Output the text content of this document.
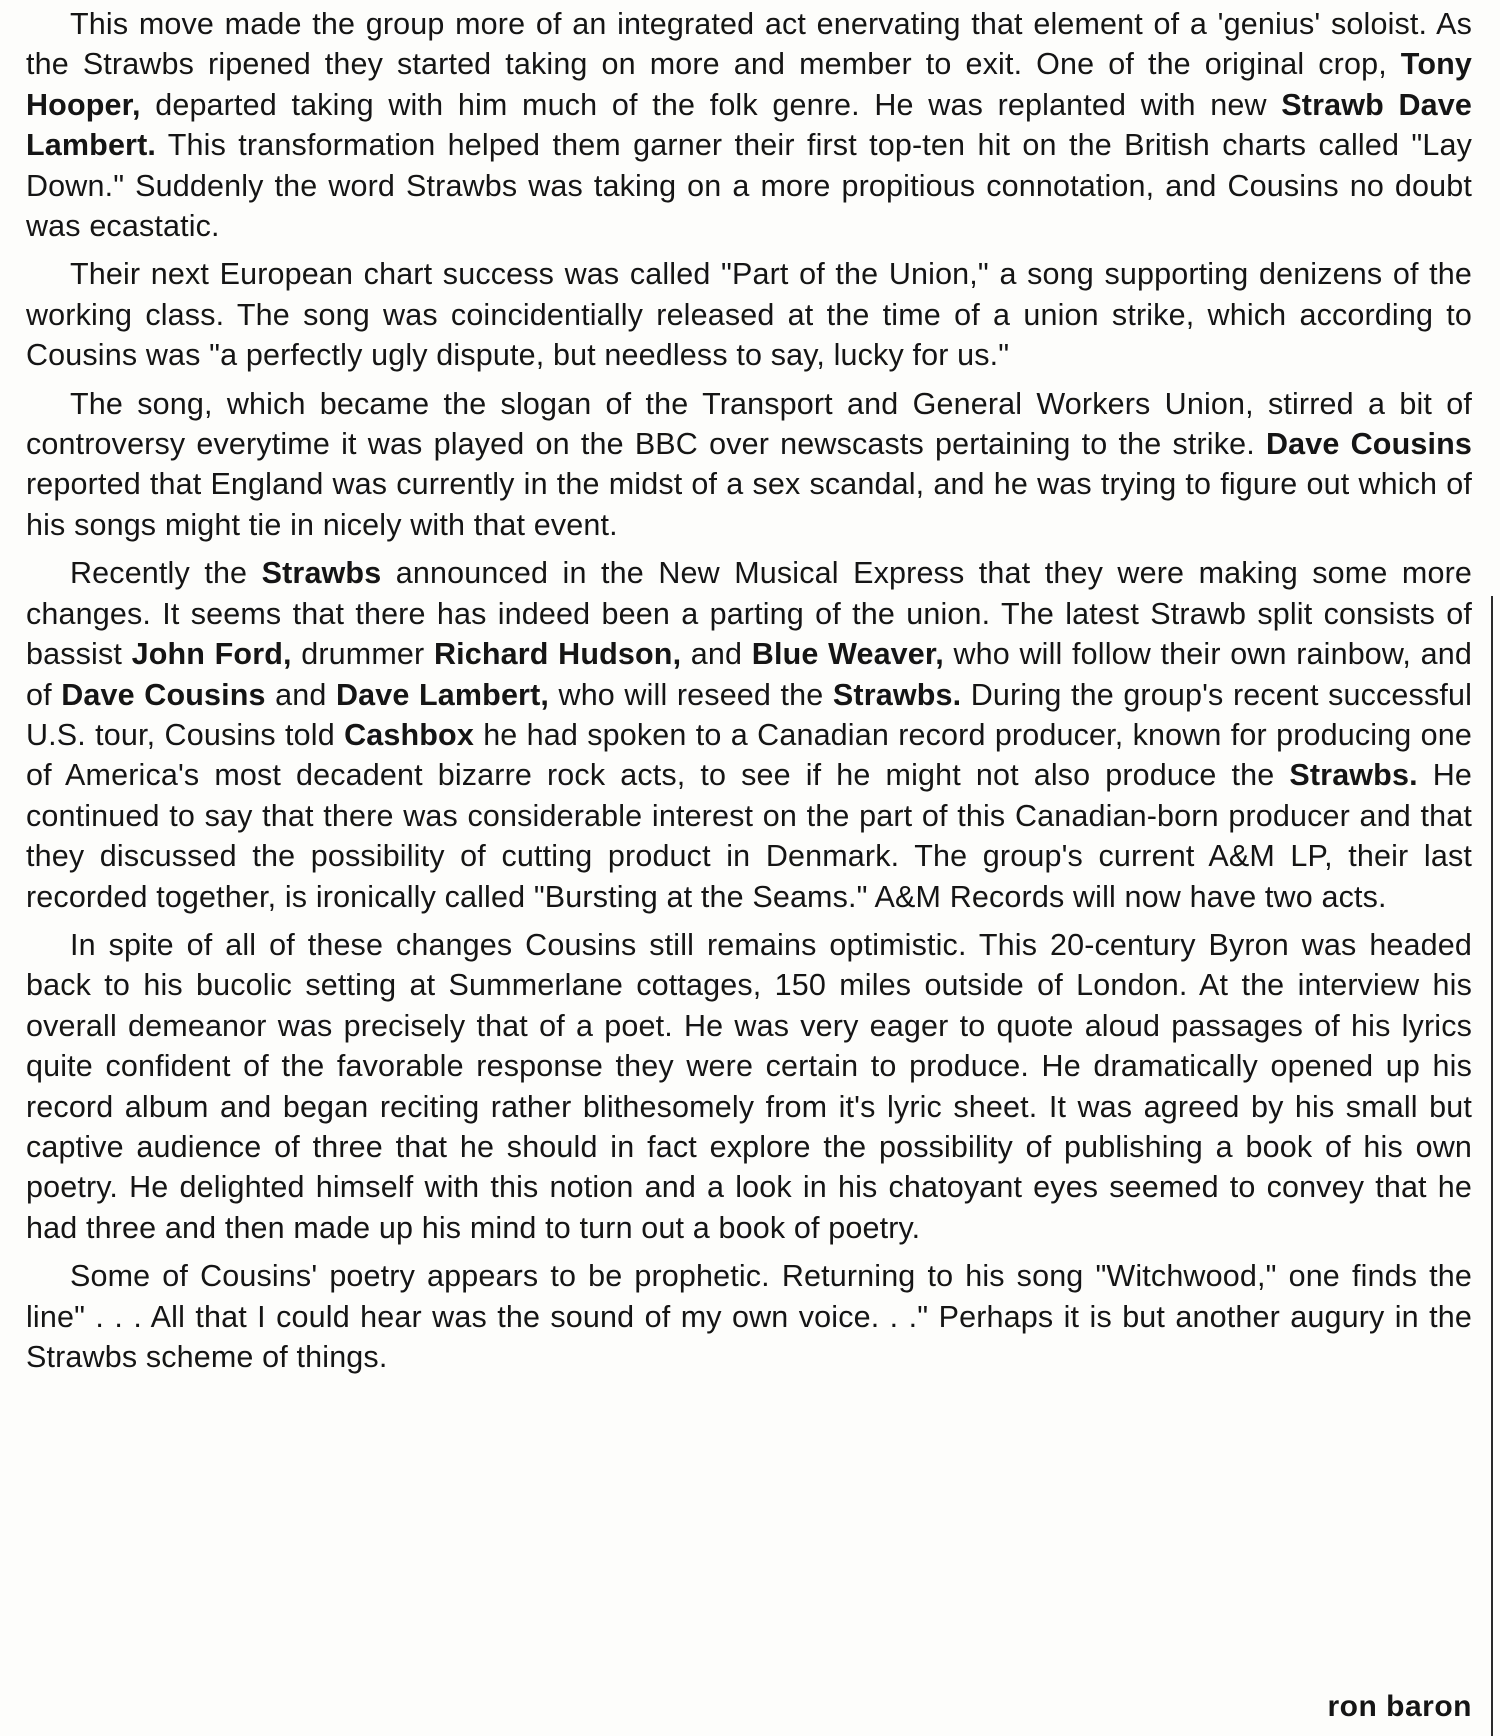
This move made the group more of an integrated act enervating that element of a 'genius' soloist. As the Strawbs ripened they started taking on more and member to exit. One of the original crop, Tony Hooper, departed taking with him much of the folk genre. He was replanted with new Strawb Dave Lambert. This transformation helped them garner their first top-ten hit on the British charts called "Lay Down." Suddenly the word Strawbs was taking on a more propitious connotation, and Cousins no doubt was ecastatic.

Their next European chart success was called "Part of the Union," a song supporting denizens of the working class. The song was coincidentially released at the time of a union strike, which according to Cousins was "a perfectly ugly dispute, but needless to say, lucky for us."

The song, which became the slogan of the Transport and General Workers Union, stirred a bit of controversy everytime it was played on the BBC over newscasts pertaining to the strike. Dave Cousins reported that England was currently in the midst of a sex scandal, and he was trying to figure out which of his songs might tie in nicely with that event.

Recently the Strawbs announced in the New Musical Express that they were making some more changes. It seems that there has indeed been a parting of the union. The latest Strawb split consists of bassist John Ford, drummer Richard Hudson, and Blue Weaver, who will follow their own rainbow, and of Dave Cousins and Dave Lambert, who will reseed the Strawbs. During the group's recent successful U.S. tour, Cousins told Cashbox he had spoken to a Canadian record producer, known for producing one of America's most decadent bizarre rock acts, to see if he might not also produce the Strawbs. He continued to say that there was considerable interest on the part of this Canadian-born producer and that they discussed the possibility of cutting product in Denmark. The group's current A&M LP, their last recorded together, is ironically called "Bursting at the Seams." A&M Records will now have two acts.

In spite of all of these changes Cousins still remains optimistic. This 20-century Byron was headed back to his bucolic setting at Summerlane cottages, 150 miles outside of London. At the interview his overall demeanor was precisely that of a poet. He was very eager to quote aloud passages of his lyrics quite confident of the favorable response they were certain to produce. He dramatically opened up his record album and began reciting rather blithesomely from it's lyric sheet. It was agreed by his small but captive audience of three that he should in fact explore the possibility of publishing a book of his own poetry. He delighted himself with this notion and a look in his chatoyant eyes seemed to convey that he had three and then made up his mind to turn out a book of poetry.

Some of Cousins' poetry appears to be prophetic. Returning to his song "Witchwood," one finds the line" . . . All that I could hear was the sound of my own voice. . ." Perhaps it is but another augury in the Strawbs scheme of things.

ron baron
